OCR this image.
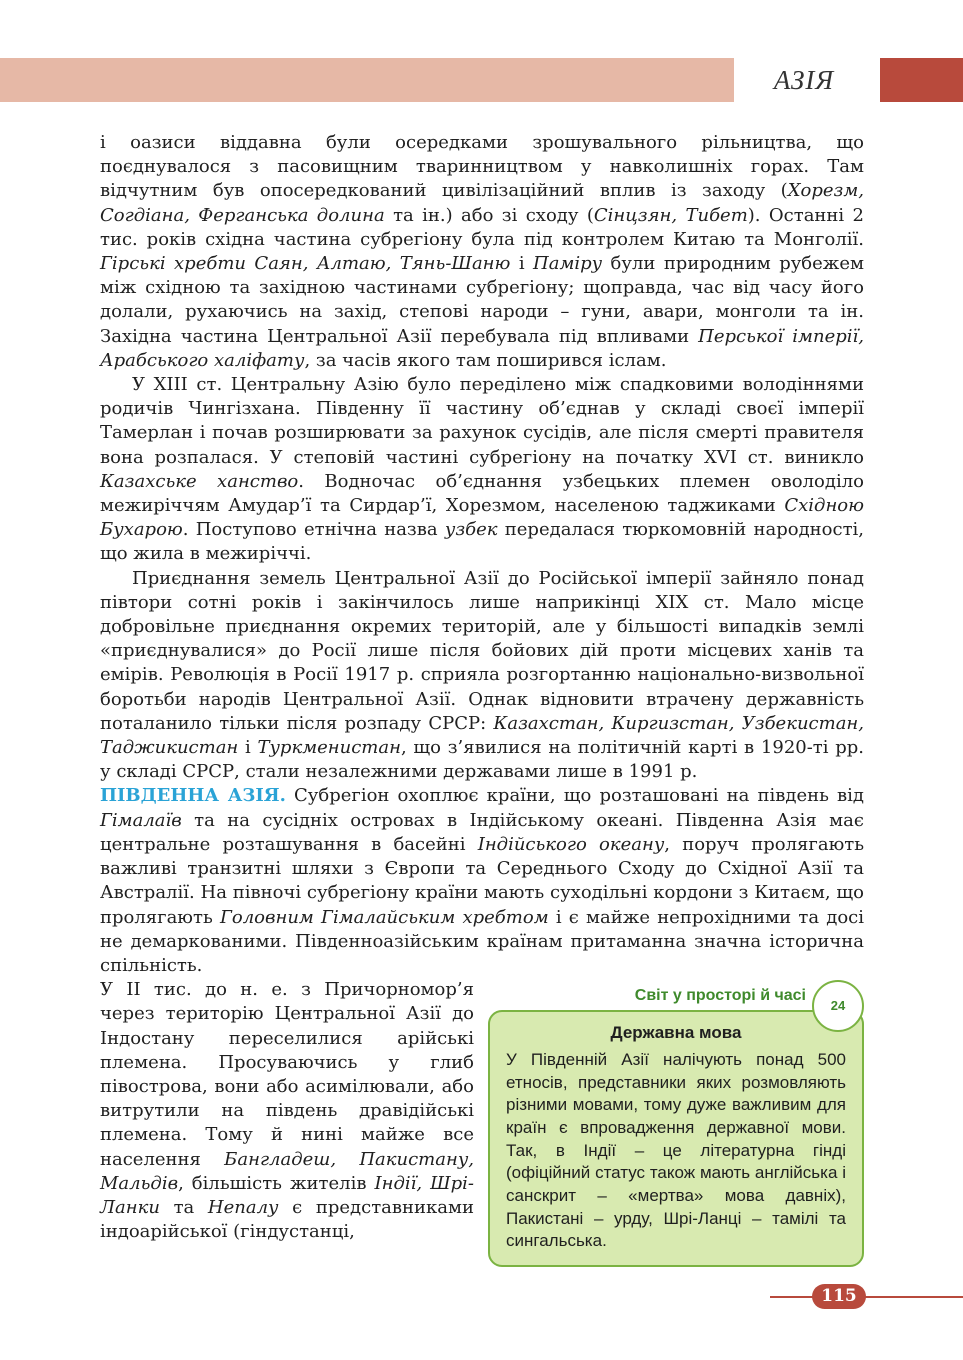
АЗІЯ

і оазиси віддавна були осередками зрошувального рільництва, що поєднувалося з пасовищним тваринництвом у навколишніх горах. Там відчутним був опосередкований цивілізаційний вплив із заходу (Хорезм, Согдіана, Ферганська долина та ін.) або зі сходу (Сінцзян, Тибет). Останні 2 тис. років східна частина субрегіону була під контролем Китаю та Монголії. Гірські хребти Саян, Алтаю, Тянь-Шаню і Паміру були природним рубежем між східною та західною частинами субрегіону; щоправда, час від часу його долали, рухаючись на захід, степові народи – гуни, авари, монголи та ін. Західна частина Центральної Азії перебувала під впливами Перської імперії, Арабського халіфату, за часів якого там поширився іслам.

У XIII ст. Центральну Азію було переділено між спадковими володіннями родичів Чингізхана. Південну її частину об’єднав у складі своєї імперії Тамерлан і почав розширювати за рахунок сусідів, але після смерті правителя вона розпалася. У степовій частині субрегіону на початку XVI ст. виникло Казахське ханство. Водночас об’єднання узбецьких племен оволоділо межиріччям Амудар’ї та Сирдар’ї, Хорезмом, населеною таджиками Східною Бухарою. Поступово етнічна назва узбек передалася тюркомовній народності, що жила в межиріччі.

Приєднання земель Центральної Азії до Російської імперії зайняло понад півтори сотні років і закінчилось лише наприкінці XIX ст. Мало місце добровільне приєднання окремих територій, але у більшості випадків землі «приєднувалися» до Росії лише після бойових дій проти місцевих ханів та емірів. Революція в Росії 1917 р. сприяла розгортанню національно-визвольної боротьби народів Центральної Азії. Однак відновити втрачену державність поталанило тільки після розпаду СРСР: Казахстан, Киргизстан, Узбекистан, Таджикистан і Туркменистан, що з’явилися на політичній карті в 1920-ті рр. у складі СРСР, стали незалежними державами лише в 1991 р.

ПІВДЕННА АЗІЯ. Субрегіон охоплює країни, що розташовані на південь від Гімалаїв та на сусідніх островах в Індійському океані. Південна Азія має центральне розташування в басейні Індійського океану, поруч пролягають важливі транзитні шляхи з Європи та Середнього Сходу до Східної Азії та Австралії. На півночі субрегіону країни мають суходільні кордони з Китаєм, що пролягають Головним Гімалайським хребтом і є майже непрохідними та досі не демаркованими. Південноазійським країнам притаманна значна історична спільність.

У II тис. до н. е. з Причорномор’я через територію Центральної Азії до Індостану переселилися арійські племена. Просуваючись у глиб півострова, вони або асимілювали, або витрутили на південь дравідійські племена. Тому й нині майже все населення Бангладеш, Пакистану, Мальдів, більшість жителів Індії, Шрі-Ланки та Непалу є представниками індоарійської (гіндустанці,

Світ у просторі й часі
24
Державна мова
У Південній Азії налічують понад 500 етносів, представники яких розмовляють різними мовами, тому дуже важливим для країн є впровадження державної мови. Так, в Індії – це літературна гінді (офіційний статус також мають англійська і санскрит – «мертва» мова давніх), Пакистані – урду, Шрі-Ланці – тамілі та сингальська.
115
